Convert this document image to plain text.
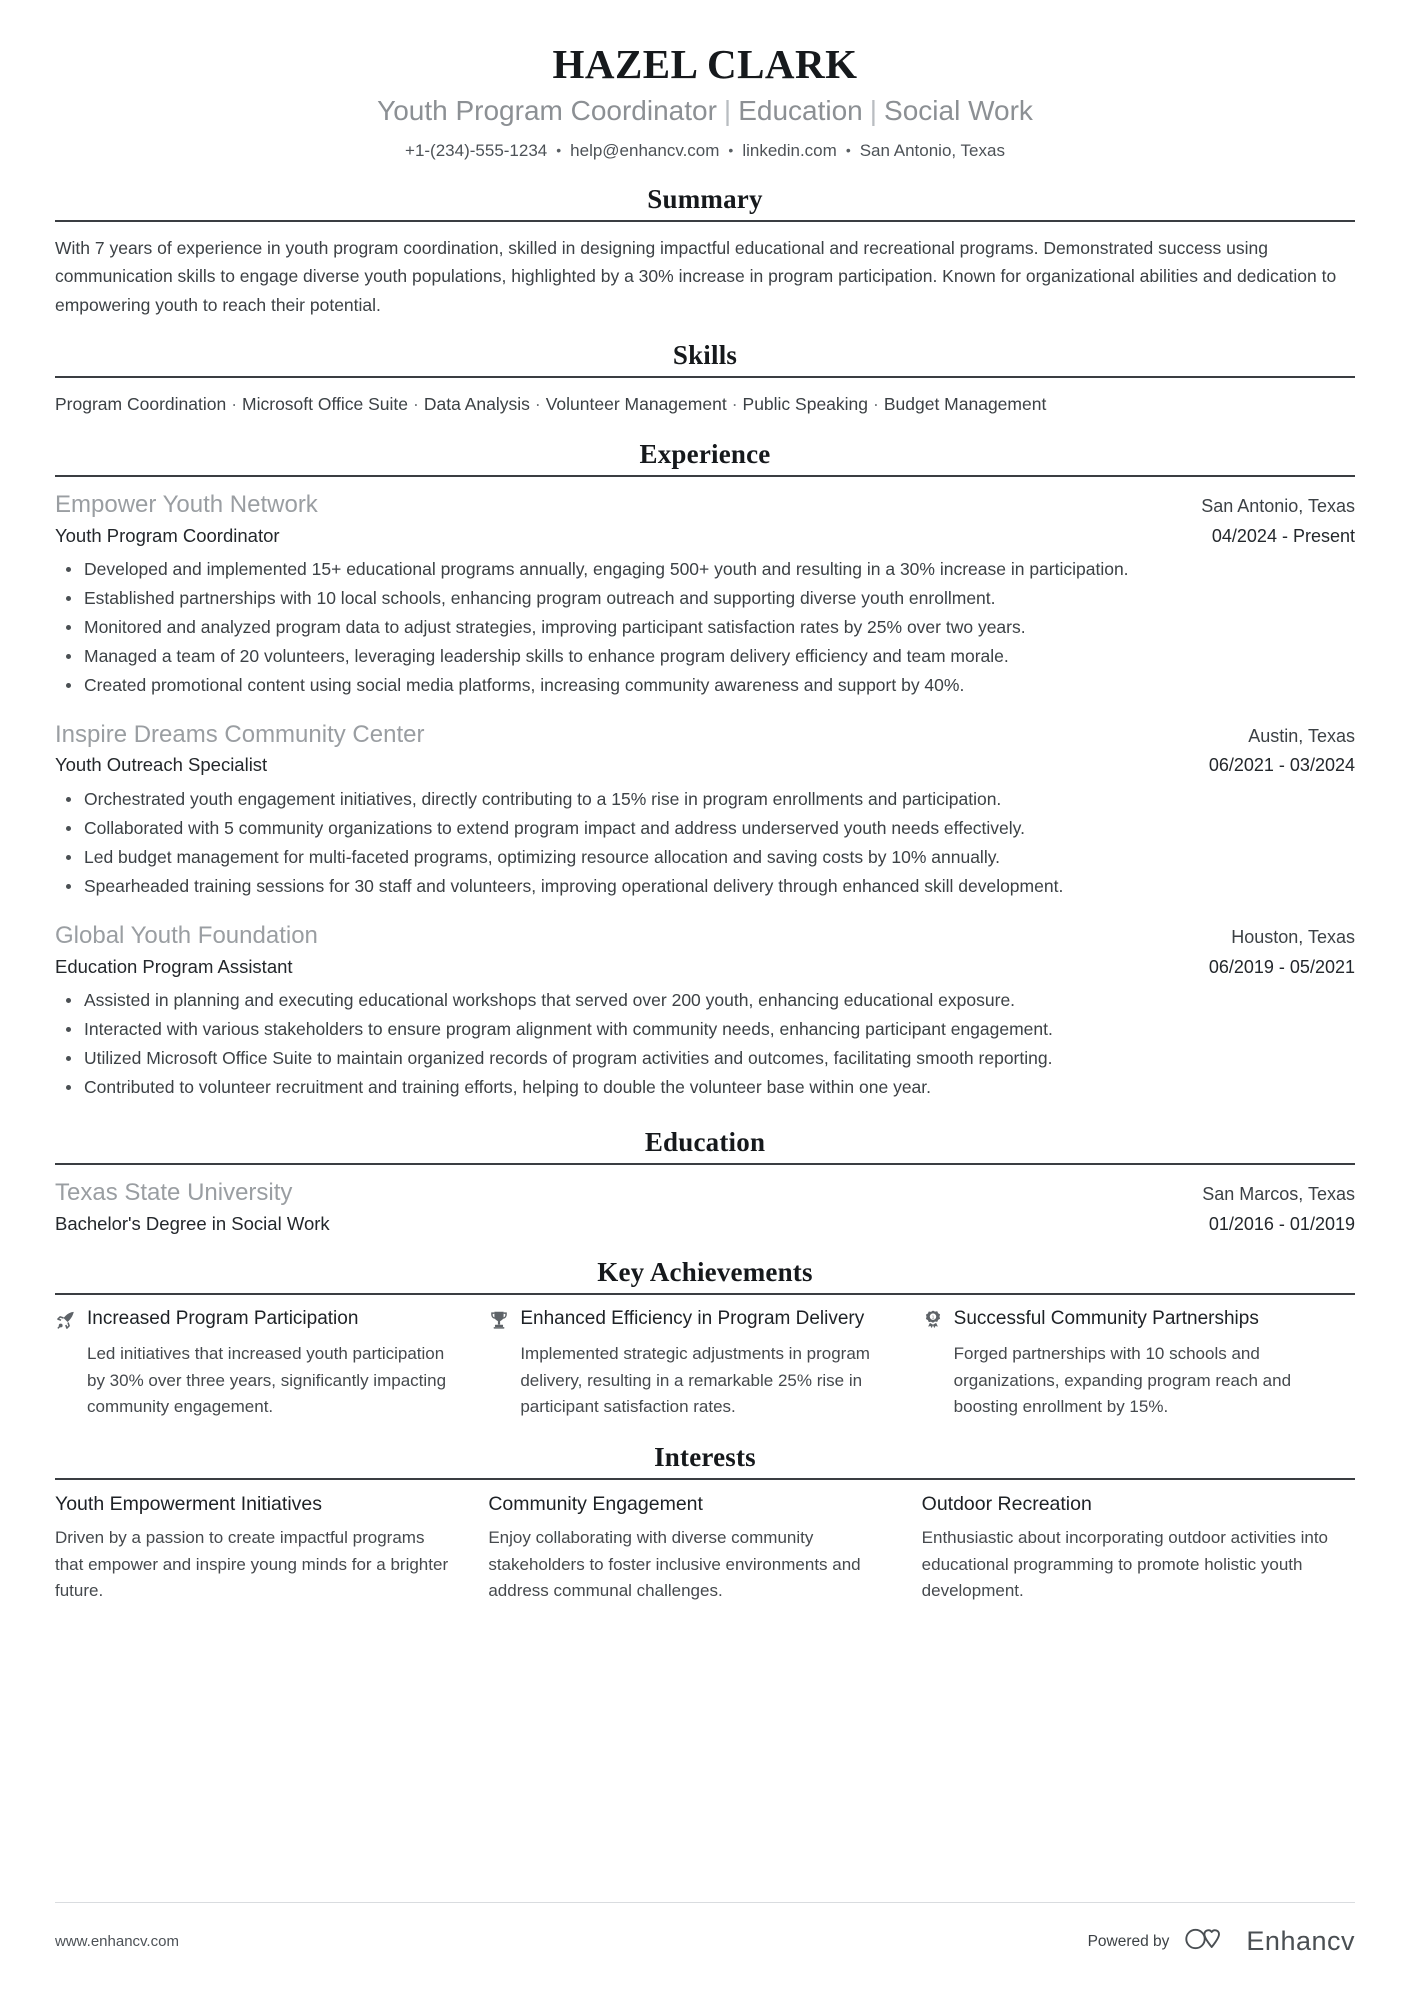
HAZEL CLARK
Youth Program Coordinator | Education | Social Work
+1-(234)-555-1234 • help@enhancv.com • linkedin.com • San Antonio, Texas
Summary
With 7 years of experience in youth program coordination, skilled in designing impactful educational and recreational programs. Demonstrated success using communication skills to engage diverse youth populations, highlighted by a 30% increase in program participation. Known for organizational abilities and dedication to empowering youth to reach their potential.
Skills
Program Coordination · Microsoft Office Suite · Data Analysis · Volunteer Management · Public Speaking · Budget Management
Experience
Empower Youth Network	San Antonio, Texas
Youth Program Coordinator	04/2024 - Present
Developed and implemented 15+ educational programs annually, engaging 500+ youth and resulting in a 30% increase in participation.
Established partnerships with 10 local schools, enhancing program outreach and supporting diverse youth enrollment.
Monitored and analyzed program data to adjust strategies, improving participant satisfaction rates by 25% over two years.
Managed a team of 20 volunteers, leveraging leadership skills to enhance program delivery efficiency and team morale.
Created promotional content using social media platforms, increasing community awareness and support by 40%.
Inspire Dreams Community Center	Austin, Texas
Youth Outreach Specialist	06/2021 - 03/2024
Orchestrated youth engagement initiatives, directly contributing to a 15% rise in program enrollments and participation.
Collaborated with 5 community organizations to extend program impact and address underserved youth needs effectively.
Led budget management for multi-faceted programs, optimizing resource allocation and saving costs by 10% annually.
Spearheaded training sessions for 30 staff and volunteers, improving operational delivery through enhanced skill development.
Global Youth Foundation	Houston, Texas
Education Program Assistant	06/2019 - 05/2021
Assisted in planning and executing educational workshops that served over 200 youth, enhancing educational exposure.
Interacted with various stakeholders to ensure program alignment with community needs, enhancing participant engagement.
Utilized Microsoft Office Suite to maintain organized records of program activities and outcomes, facilitating smooth reporting.
Contributed to volunteer recruitment and training efforts, helping to double the volunteer base within one year.
Education
Texas State University	San Marcos, Texas
Bachelor's Degree in Social Work	01/2016 - 01/2019
Key Achievements
Increased Program Participation
Led initiatives that increased youth participation by 30% over three years, significantly impacting community engagement.
Enhanced Efficiency in Program Delivery
Implemented strategic adjustments in program delivery, resulting in a remarkable 25% rise in participant satisfaction rates.
1 Successful Community Partnerships
Forged partnerships with 10 schools and organizations, expanding program reach and boosting enrollment by 15%.
Interests
Youth Empowerment Initiatives
Driven by a passion to create impactful programs that empower and inspire young minds for a brighter future.
Community Engagement
Enjoy collaborating with diverse community stakeholders to foster inclusive environments and address communal challenges.
Outdoor Recreation
Enthusiastic about incorporating outdoor activities into educational programming to promote holistic youth development.
www.enhancv.com	Powered by	Enhancv
